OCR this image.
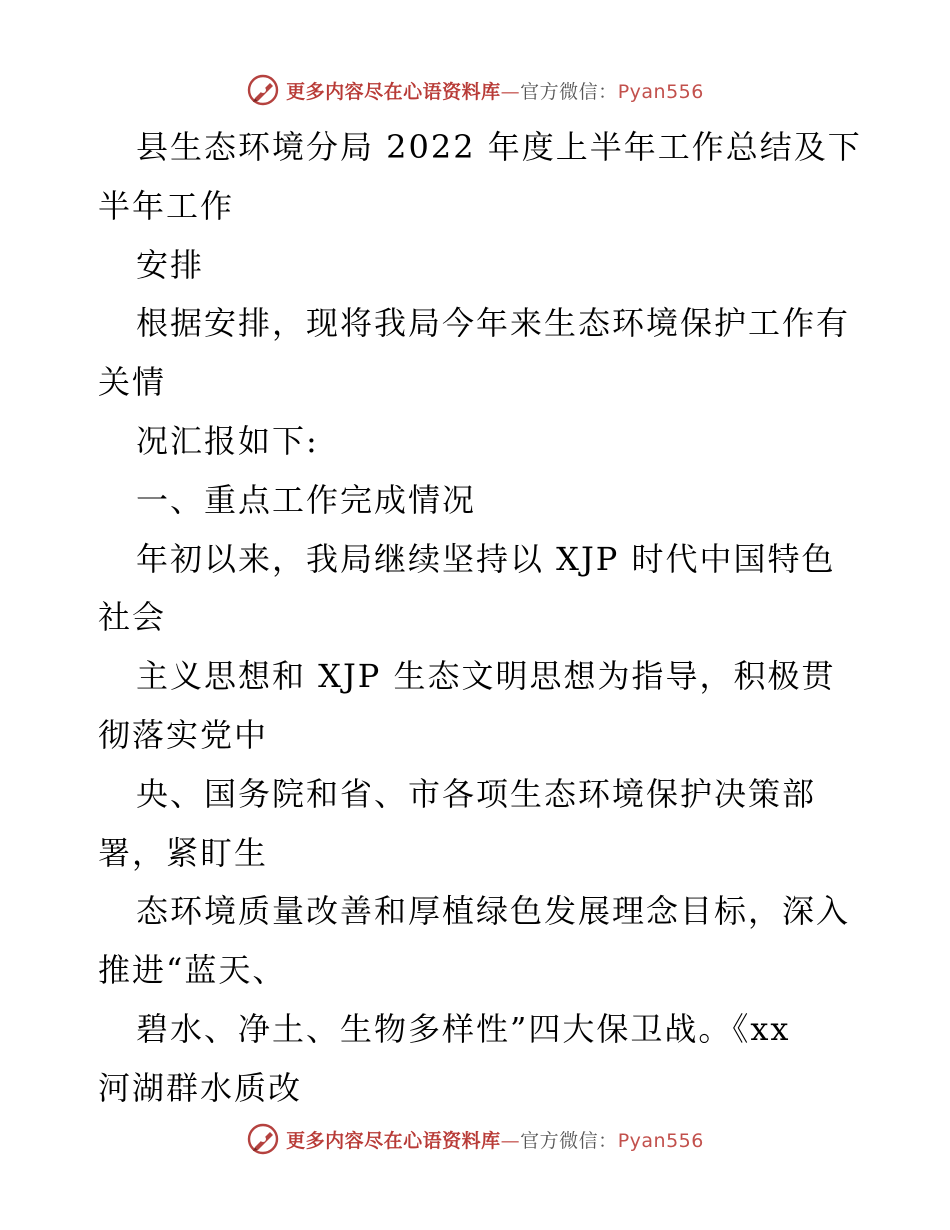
更多内容尽在心语资料库—官方微信：Pyan556
县生态环境分局 2022 年度上半年工作总结及下
半年工作
安排
根据安排，现将我局今年来生态环境保护工作有
关情
况汇报如下:
一、重点工作完成情况
年初以来，我局继续坚持以 XJP 时代中国特色
社会
主义思想和 XJP 生态文明思想为指导，积极贯
彻落实党中
央、国务院和省、市各项生态环境保护决策部
署，紧盯生
态环境质量改善和厚植绿色发展理念目标，深入
推进“蓝天、
碧水、净土、生物多样性”四大保卫战。《xx
河湖群水质改
更多内容尽在心语资料库—官方微信：Pyan556
